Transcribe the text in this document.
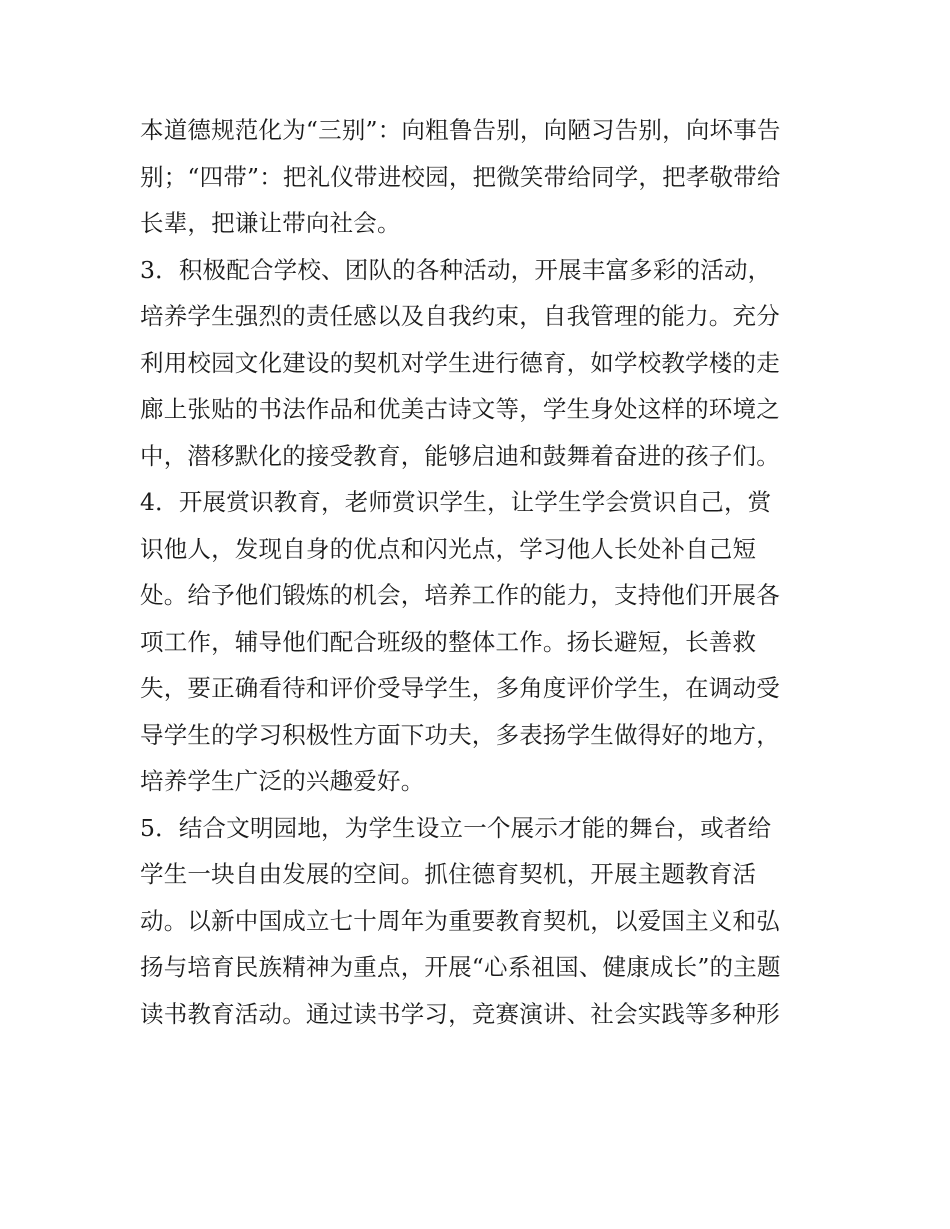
本道德规范化为“三别”：向粗鲁告别，向陋习告别，向坏事告
别；“四带”：把礼仪带进校园，把微笑带给同学，把孝敬带给
长辈，把谦让带向社会。
3．积极配合学校、团队的各种活动，开展丰富多彩的活动，
培养学生强烈的责任感以及自我约束，自我管理的能力。充分
利用校园文化建设的契机对学生进行德育，如学校教学楼的走
廊上张贴的书法作品和优美古诗文等，学生身处这样的环境之
中，潜移默化的接受教育，能够启迪和鼓舞着奋进的孩子们。
4．开展赏识教育，老师赏识学生，让学生学会赏识自己，赏
识他人，发现自身的优点和闪光点，学习他人长处补自己短
处。给予他们锻炼的机会，培养工作的能力，支持他们开展各
项工作，辅导他们配合班级的整体工作。扬长避短，长善救
失，要正确看待和评价受导学生，多角度评价学生，在调动受
导学生的学习积极性方面下功夫，多表扬学生做得好的地方，
培养学生广泛的兴趣爱好。
5．结合文明园地，为学生设立一个展示才能的舞台，或者给
学生一块自由发展的空间。抓住德育契机，开展主题教育活
动。以新中国成立七十周年为重要教育契机，以爱国主义和弘
扬与培育民族精神为重点，开展“心系祖国、健康成长”的主题
读书教育活动。通过读书学习，竞赛演讲、社会实践等多种形
